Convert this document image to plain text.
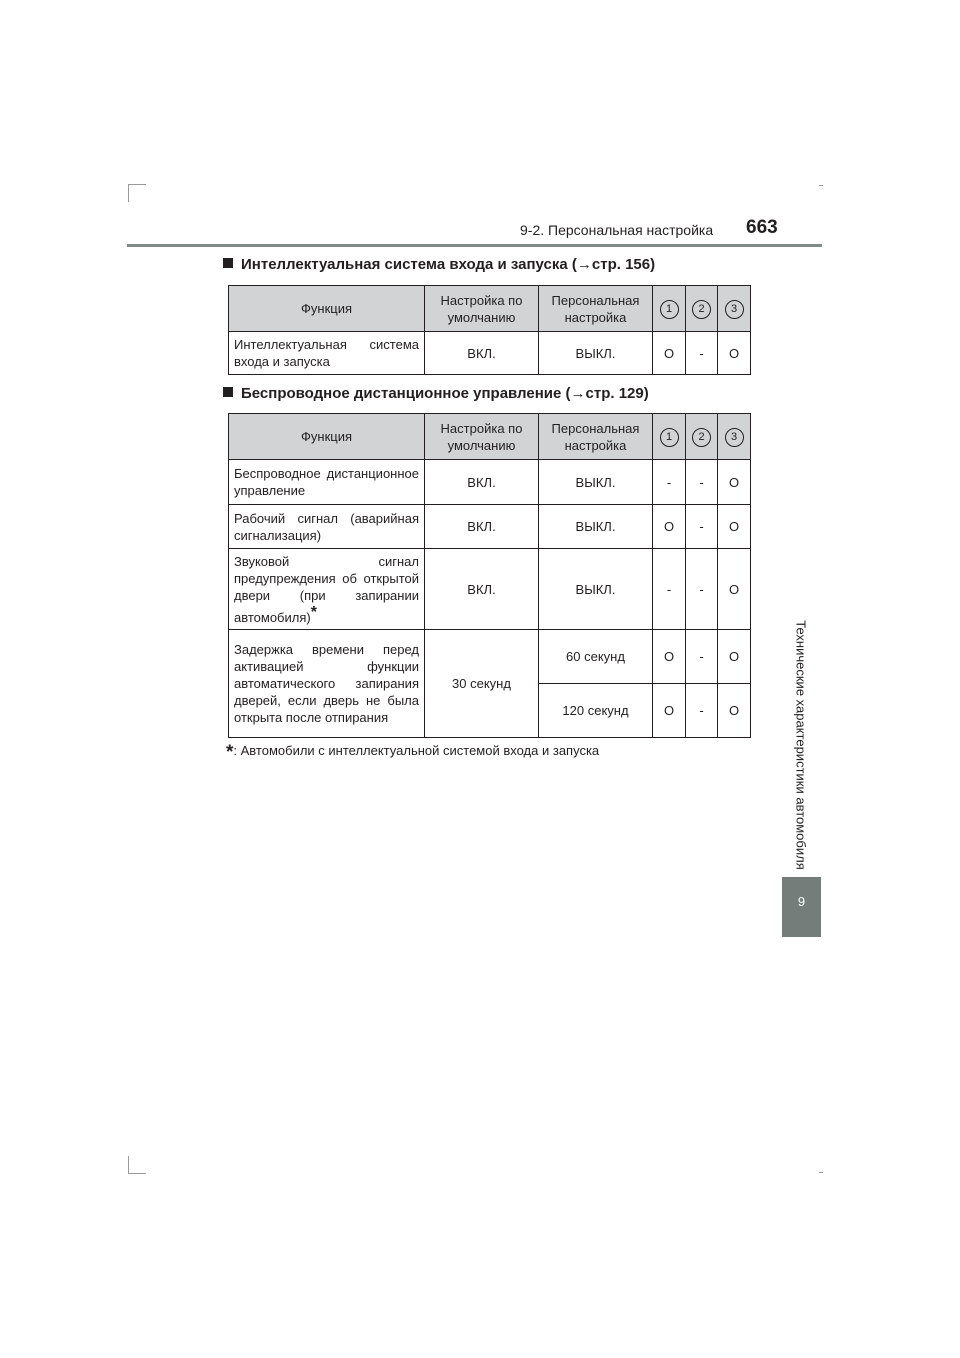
9-2. Персональная настройка 663
Технические характеристики автомобиля
9
Интеллектуальная система входа и запуска (→стр. 156)
Функция	Настройка по умолчанию	Персональная настройка	1	2	3
Интеллектуальная система входа и запуска	ВКЛ.	ВЫКЛ.	O	-	O
Беспроводное дистанционное управление (→стр. 129)
Функция	Настройка по умолчанию	Персональная настройка	1	2	3
Беспроводное дистанционное управление	ВКЛ.	ВЫКЛ.	-	-	O
Рабочий сигнал (аварийная сигнализация)	ВКЛ.	ВЫКЛ.	O	-	O
Звуковой сигнал предупреждения об открытой двери (при запирании автомобиля)*	ВКЛ.	ВЫКЛ.	-	-	O
Задержка времени перед активацией функции автоматического запирания дверей, если дверь не была открыта после отпирания	30 секунд	60 секунд	O	-	O
		120 секунд	O	-	O
*: Автомобили с интеллектуальной системой входа и запуска
